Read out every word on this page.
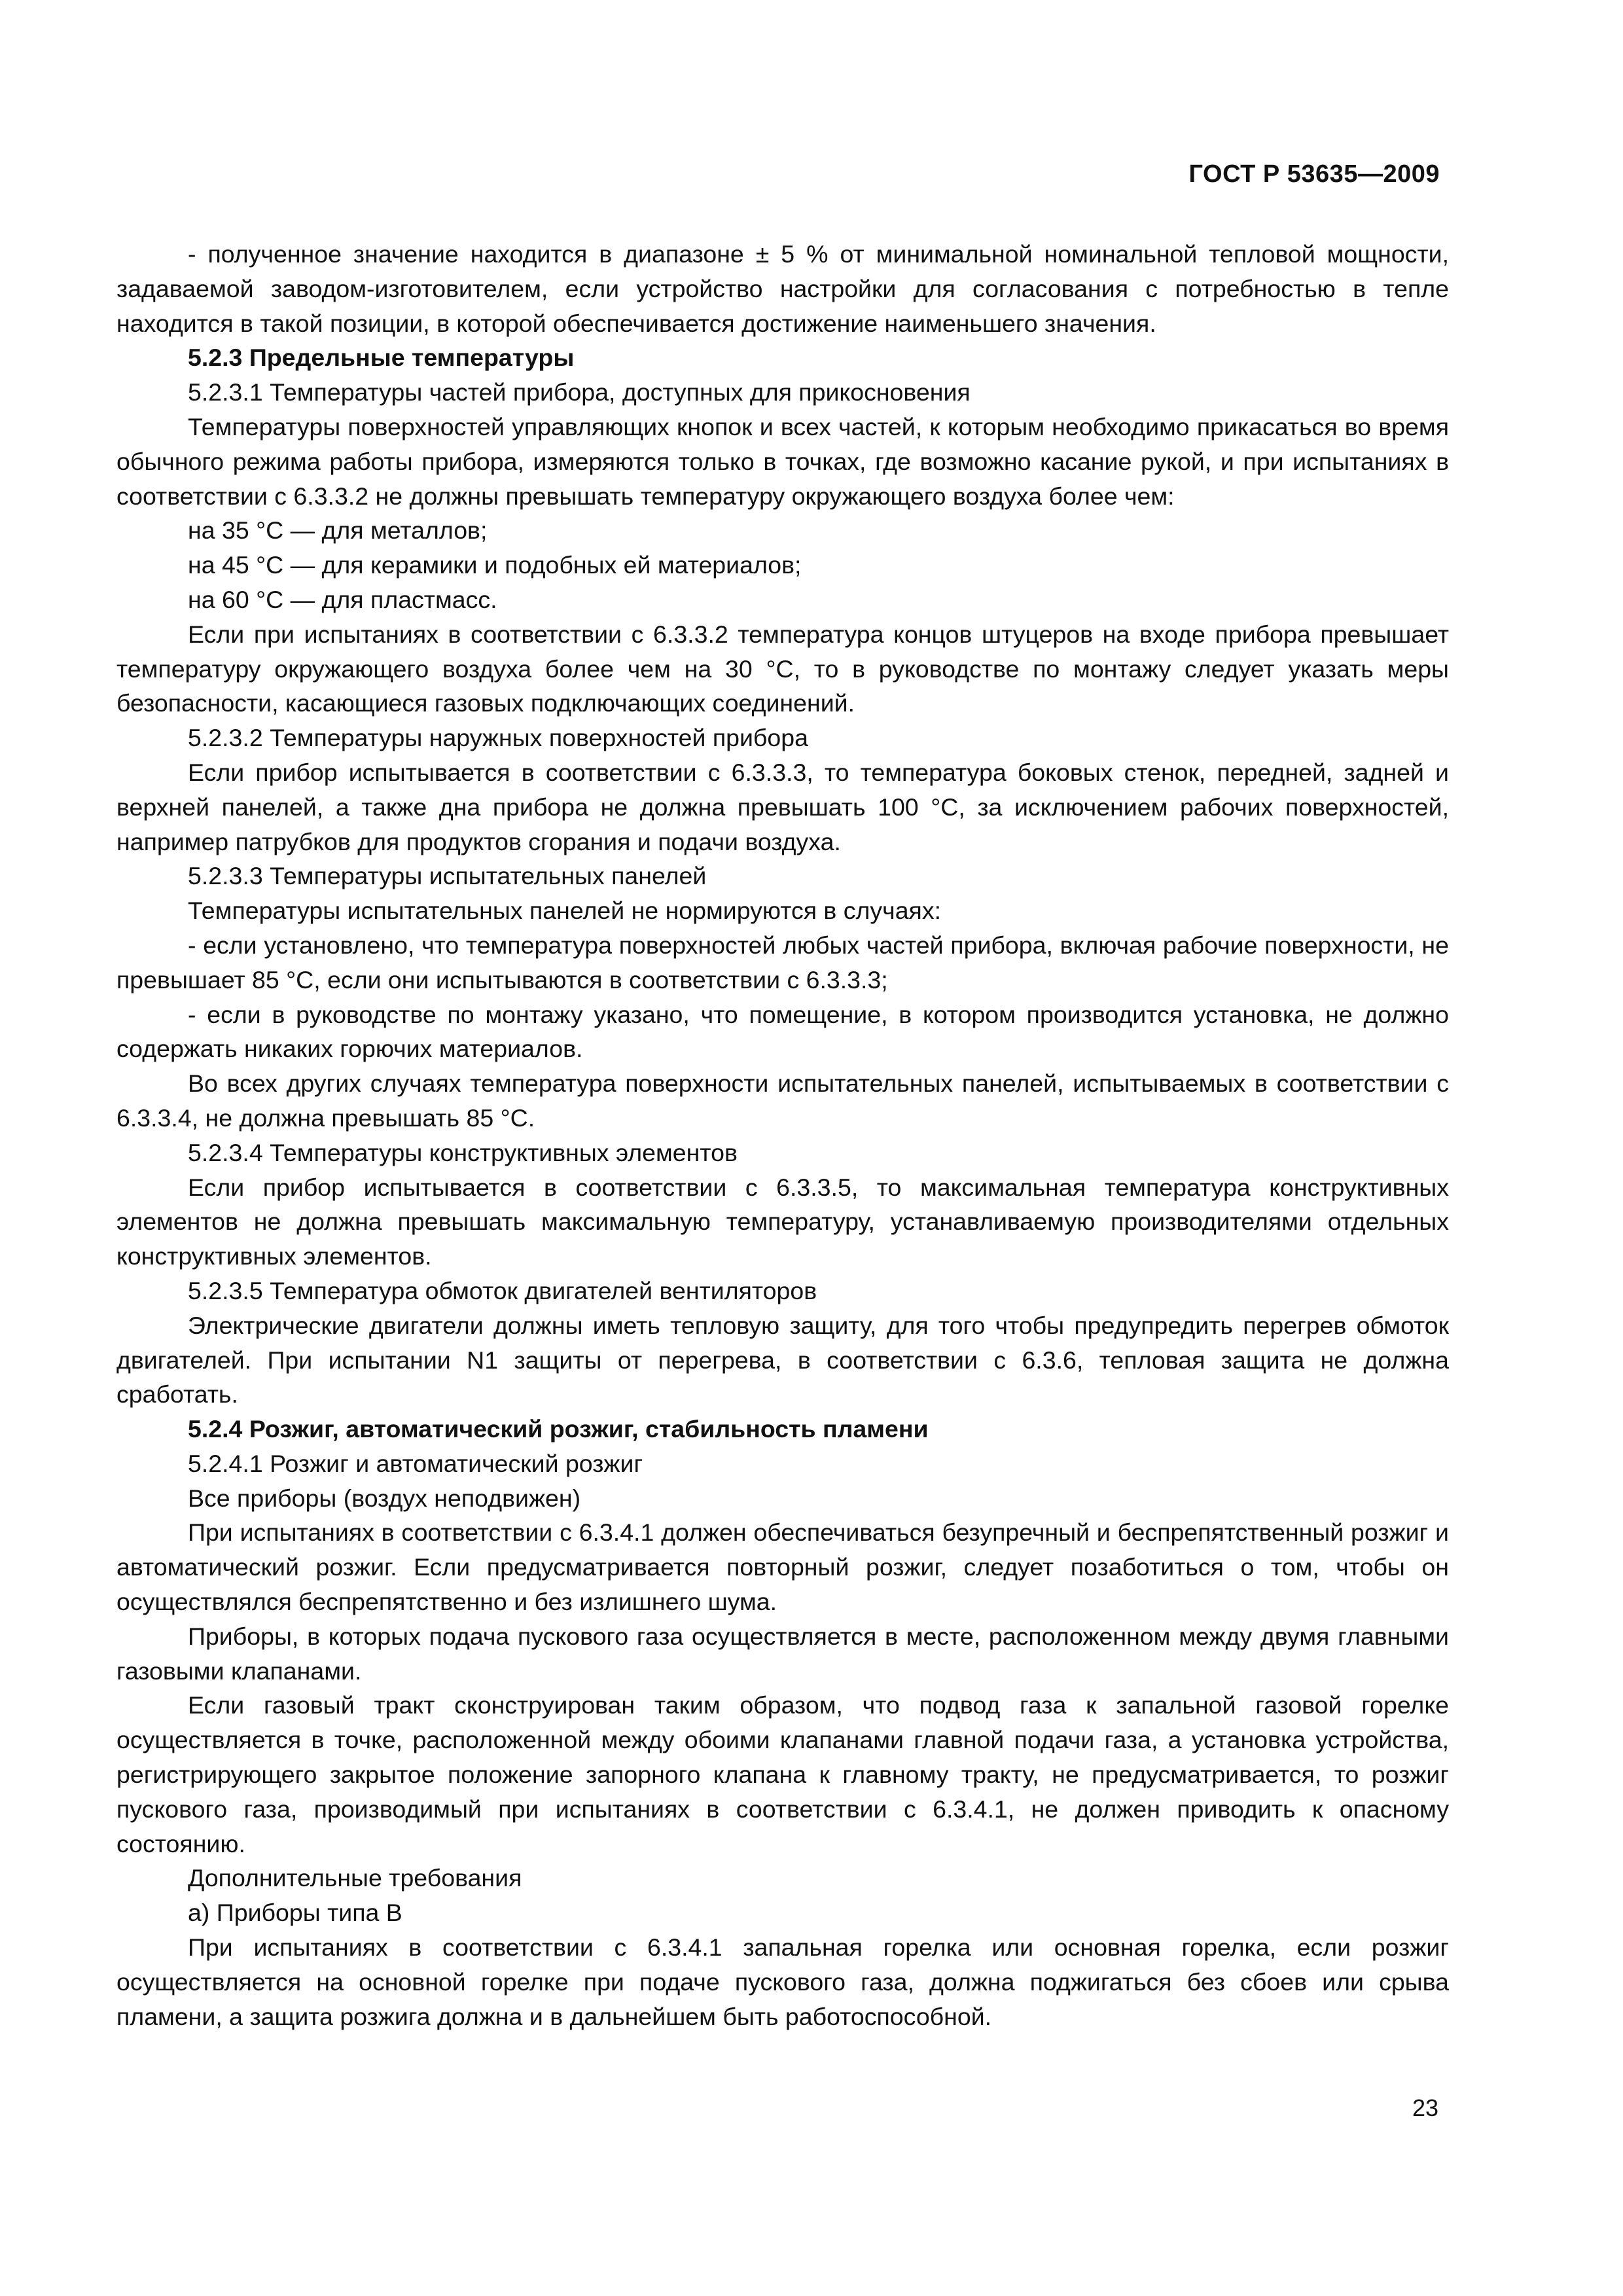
ГОСТ Р 53635—2009

- полученное значение находится в диапазоне ± 5 % от минимальной номинальной тепловой мощности, задаваемой заводом-изготовителем, если устройство настройки для согласования с потребностью в тепле находится в такой позиции, в которой обеспечивается достижение наименьшего значения.

5.2.3 Предельные температуры

5.2.3.1 Температуры частей прибора, доступных для прикосновения

Температуры поверхностей управляющих кнопок и всех частей, к которым необходимо прикасаться во время обычного режима работы прибора, измеряются только в точках, где возможно касание рукой, и при испытаниях в соответствии с 6.3.3.2 не должны превышать температуру окружающего воздуха более чем:

на 35 °С — для металлов;

на 45 °С — для керамики и подобных ей материалов;

на 60 °С — для пластмасс.

Если при испытаниях в соответствии с 6.3.3.2 температура концов штуцеров на входе прибора превышает температуру окружающего воздуха более чем на 30 °С, то в руководстве по монтажу следует указать меры безопасности, касающиеся газовых подключающих соединений.

5.2.3.2 Температуры наружных поверхностей прибора

Если прибор испытывается в соответствии с 6.3.3.3, то температура боковых стенок, передней, задней и верхней панелей, а также дна прибора не должна превышать 100 °С, за исключением рабочих поверхностей, например патрубков для продуктов сгорания и подачи воздуха.

5.2.3.3 Температуры испытательных панелей

Температуры испытательных панелей не нормируются в случаях:

- если установлено, что температура поверхностей любых частей прибора, включая рабочие поверхности, не превышает 85 °С, если они испытываются в соответствии с 6.3.3.3;

- если в руководстве по монтажу указано, что помещение, в котором производится установка, не должно содержать никаких горючих материалов.

Во всех других случаях температура поверхности испытательных панелей, испытываемых в соответствии с 6.3.3.4, не должна превышать 85 °С.

5.2.3.4 Температуры конструктивных элементов

Если прибор испытывается в соответствии с 6.3.3.5, то максимальная температура конструктивных элементов не должна превышать максимальную температуру, устанавливаемую производителями отдельных конструктивных элементов.

5.2.3.5 Температура обмоток двигателей вентиляторов

Электрические двигатели должны иметь тепловую защиту, для того чтобы предупредить перегрев обмоток двигателей. При испытании N1 защиты от перегрева, в соответствии с 6.3.6, тепловая защита не должна сработать.

5.2.4 Розжиг, автоматический розжиг, стабильность пламени

5.2.4.1 Розжиг и автоматический розжиг

Все приборы (воздух неподвижен)

При испытаниях в соответствии с 6.3.4.1 должен обеспечиваться безупречный и беспрепятственный розжиг и автоматический розжиг. Если предусматривается повторный розжиг, следует позаботиться о том, чтобы он осуществлялся беспрепятственно и без излишнего шума.

Приборы, в которых подача пускового газа осуществляется в месте, расположенном между двумя главными газовыми клапанами.

Если газовый тракт сконструирован таким образом, что подвод газа к запальной газовой горелке осуществляется в точке, расположенной между обоими клапанами главной подачи газа, а установка устройства, регистрирующего закрытое положение запорного клапана к главному тракту, не предусматривается, то розжиг пускового газа, производимый при испытаниях в соответствии с 6.3.4.1, не должен приводить к опасному состоянию.

Дополнительные требования

а) Приборы типа В

При испытаниях в соответствии с 6.3.4.1 запальная горелка или основная горелка, если розжиг осуществляется на основной горелке при подаче пускового газа, должна поджигаться без сбоев или срыва пламени, а защита розжига должна и в дальнейшем быть работоспособной.

23
